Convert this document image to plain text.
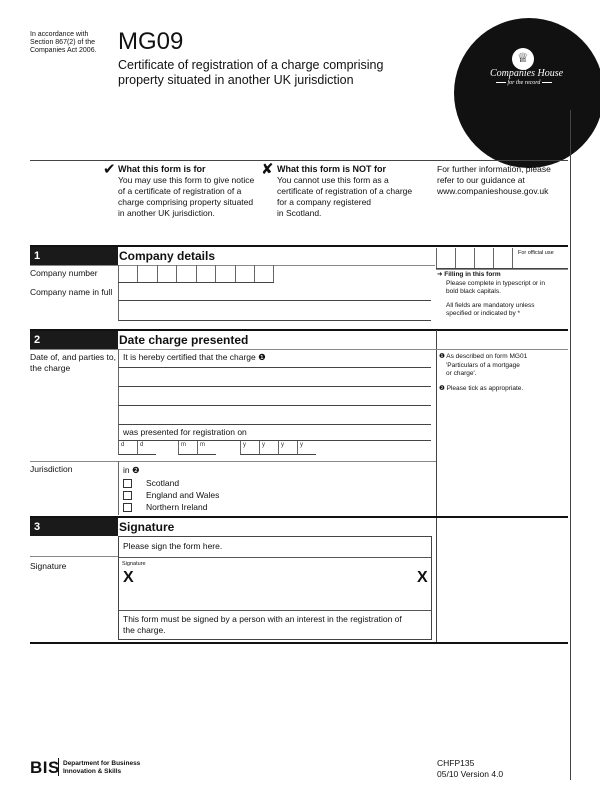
In accordance with
Section 867(2) of the
Companies Act 2006. MG09
Certificate of registration of a charge comprising
property situated in another UK jurisdiction
♕
Companies House
for the record
✔ What this form is for
You may use this form to give notice
of a certificate of registration of a
charge comprising property situated
in another UK jurisdiction.
✘ What this form is NOT for
You cannot use this form as a
certificate of registration of a charge
for a company registered
in Scotland.
For further information, please
refer to our guidance at
www.companieshouse.gov.uk
1	Company details	For official use
Company number
Company name in full
➜ Filling in this form
Please complete in typescript or in
bold black capitals.
All fields are mandatory unless
specified or indicated by *
2	Date charge presented
Date of, and parties to,
the charge
It is hereby certified that the charge ❶
was presented for registration on
d	d	m m	y	y	y	y
❶ As described on form MG01
'Particulars of a mortgage
or charge'.
❷ Please tick as appropriate.
Jurisdiction	in ❷
Scotland
England and Wales
Northern Ireland
3	Signature
Please sign the form here.
Signature
X	X
This form must be signed by a person with an interest in the registration of
the charge.
Signature
BIS Department for Business
Innovation & Skills
CHFP135
05/10 Version 4.0
